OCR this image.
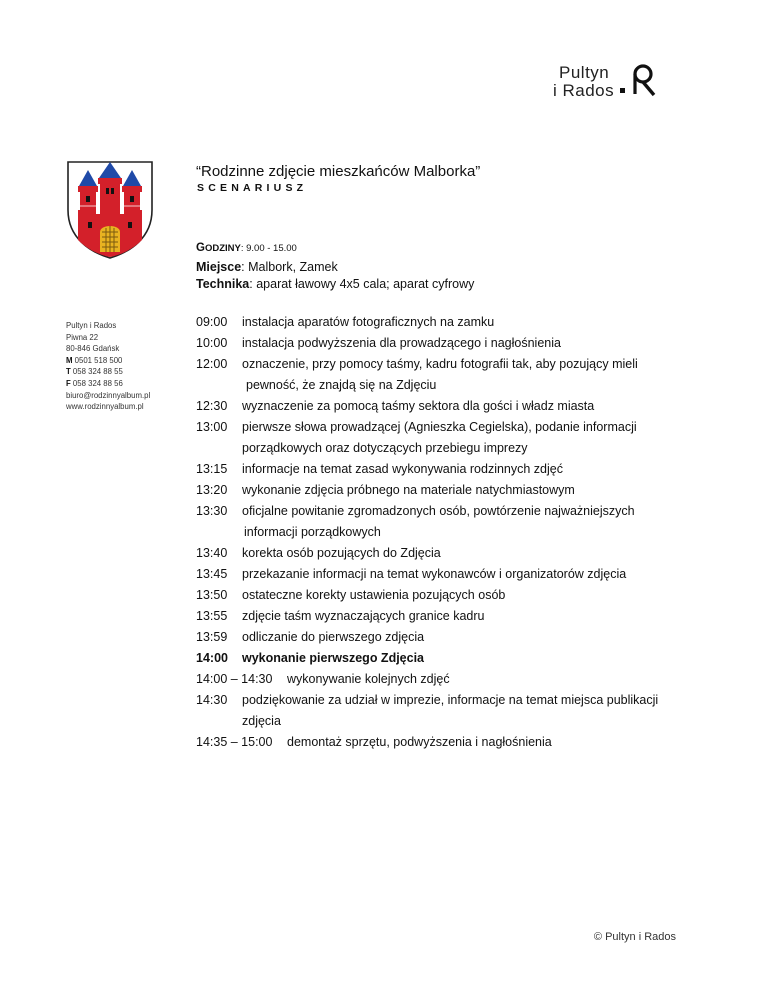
Pultyn
i Rados
“Rodzinne zdjęcie mieszkańców Malborka”
SCENARIUSZ
GODZINY: 9.00 - 15.00
Miejsce: Malbork, Zamek
Technika: aparat ławowy 4x5 cala; aparat cyfrowy
Pultyn i Rados
Piwna 22
80-846 Gdańsk
M 0501 518 500
T 058 324 88 55
F 058 324 88 56
biuro@rodzinnyalbum.pl
www.rodzinnyalbum.pl
09:00 instalacja aparatów fotograficznych na zamku
10:00 instalacja podwyższenia dla prowadzącego i nagłośnienia
12:00 oznaczenie, przy pomocy taśmy, kadru fotografii tak, aby pozujący mieli
pewność, że znajdą się na Zdjęciu
12:30 wyznaczenie za pomocą taśmy sektora dla gości i władz miasta
13:00 pierwsze słowa prowadzącej (Agnieszka Cegielska), podanie informacji
porządkowych oraz dotyczących przebiegu imprezy
13:15 informacje na temat zasad wykonywania rodzinnych zdjęć
13:20 wykonanie zdjęcia próbnego na materiale natychmiastowym
13:30 oficjalne powitanie zgromadzonych osób, powtórzenie najważniejszych
informacji porządkowych
13:40 korekta osób pozujących do Zdjęcia
13:45 przekazanie informacji na temat wykonawców i organizatorów zdjęcia
13:50 ostateczne korekty ustawienia pozujących osób
13:55 zdjęcie taśm wyznaczających granice kadru
13:59 odliczanie do pierwszego zdjęcia
14:00 wykonanie pierwszego Zdjęcia
14:00 – 14:30 wykonywanie kolejnych zdjęć
14:30 podziękowanie za udział w imprezie, informacje na temat miejsca publikacji
zdjęcia
14:35 – 15:00 demontaż sprzętu, podwyższenia i nagłośnienia
© Pultyn i Rados
